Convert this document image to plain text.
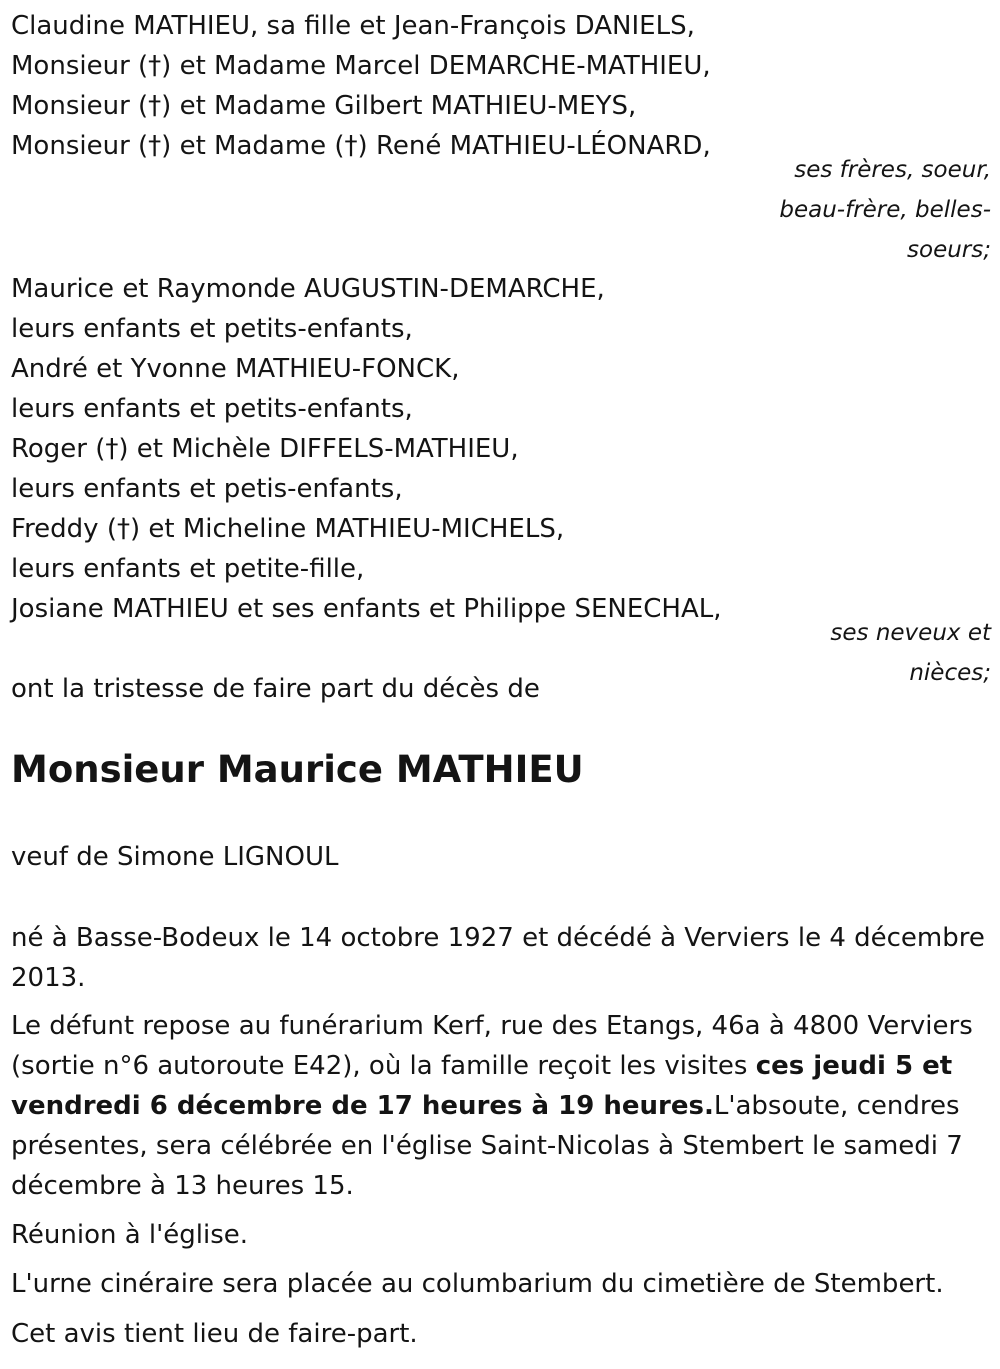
Claudine MATHIEU, sa fille et Jean-François DANIELS,
Monsieur (†) et Madame Marcel DEMARCHE-MATHIEU,
Monsieur (†) et Madame Gilbert MATHIEU-MEYS,
Monsieur (†) et Madame (†) René MATHIEU-LÉONARD,
ses frères, soeur,
beau-frère, belles-
soeurs;
Maurice et Raymonde AUGUSTIN-DEMARCHE,
leurs enfants et petits-enfants,
André et Yvonne MATHIEU-FONCK,
leurs enfants et petits-enfants,
Roger (†) et Michèle DIFFELS-MATHIEU,
leurs enfants et petis-enfants,
Freddy (†) et Micheline MATHIEU-MICHELS,
leurs enfants et petite-fille,
Josiane MATHIEU et ses enfants et Philippe SENECHAL,
ses neveux et
nièces;
ont la tristesse de faire part du décès de
Monsieur Maurice MATHIEU
veuf de Simone LIGNOUL
né à Basse-Bodeux le 14 octobre 1927 et décédé à Verviers le 4 décembre 2013.
Le défunt repose au funérarium Kerf, rue des Etangs, 46a à 4800 Verviers (sortie n°6 autoroute E42), où la famille reçoit les visites ces jeudi 5 et vendredi 6 décembre de 17 heures à 19 heures.L'absoute, cendres présentes, sera célébrée en l'église Saint-Nicolas à Stembert le samedi 7 décembre à 13 heures 15.
Réunion à l'église.
L'urne cinéraire sera placée au columbarium du cimetière de Stembert.
Cet avis tient lieu de faire-part.
